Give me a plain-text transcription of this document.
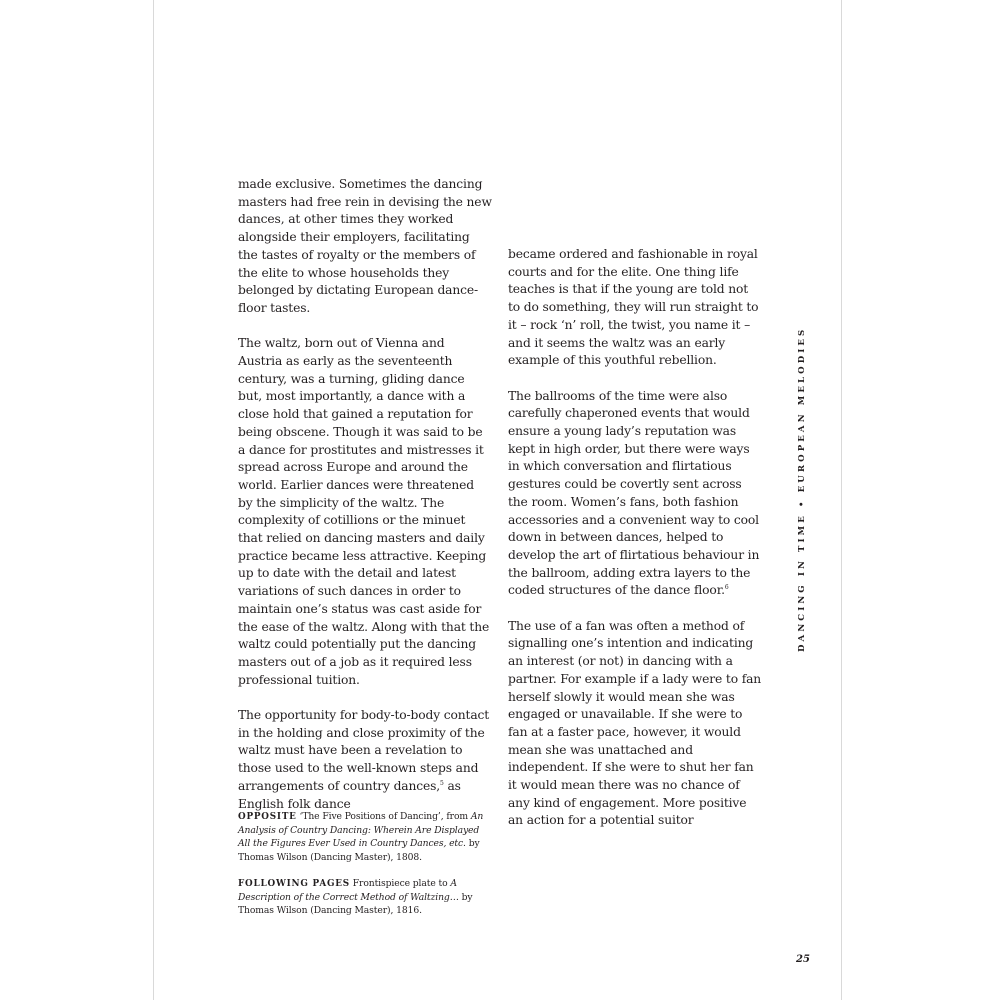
made exclusive. Sometimes the dancing masters had free rein in devising the new dances, at other times they worked alongside their employers, facilitating the tastes of royalty or the members of the elite to whose households they belonged by dictating European dance-floor tastes.

The waltz, born out of Vienna and Austria as early as the seventeenth century, was a turning, gliding dance but, most importantly, a dance with a close hold that gained a reputation for being obscene. Though it was said to be a dance for prostitutes and mistresses it spread across Europe and around the world. Earlier dances were threatened by the simplicity of the waltz. The complexity of cotillions or the minuet that relied on dancing masters and daily practice became less attractive. Keeping up to date with the detail and latest variations of such dances in order to maintain one’s status was cast aside for the ease of the waltz. Along with that the waltz could potentially put the dancing masters out of a job as it required less professional tuition.

The opportunity for body-to-body contact in the holding and close proximity of the waltz must have been a revelation to those used to the well-known steps and arrangements of country dances,$^5$ as English folk dance

became ordered and fashionable in royal courts and for the elite. One thing life teaches is that if the young are told not to do something, they will run straight to it – rock ‘n’ roll, the twist, you name it – and it seems the waltz was an early example of this youthful rebellion.

The ballrooms of the time were also carefully chaperoned events that would ensure a young lady’s reputation was kept in high order, but there were ways in which conversation and flirtatious gestures could be covertly sent across the room. Women’s fans, both fashion accessories and a convenient way to cool down in between dances, helped to develop the art of flirtatious behaviour in the ballroom, adding extra layers to the coded structures of the dance floor.$^6$

The use of a fan was often a method of signalling one’s intention and indicating an interest (or not) in dancing with a partner. For example if a lady were to fan herself slowly it would mean she was engaged or unavailable. If she were to fan at a faster pace, however, it would mean she was unattached and independent. If she were to shut her fan it would mean there was no chance of any kind of engagement. More positive an action for a potential suitor

OPPOSITE ‘The Five Positions of Dancing’, from An Analysis of Country Dancing: Wherein Are Displayed All the Figures Ever Used in Country Dances, etc. by Thomas Wilson (Dancing Master), 1808.

FOLLOWING PAGES Frontispiece plate to A Description of the Correct Method of Waltzing… by Thomas Wilson (Dancing Master), 1816.

DANCING IN TIME • EUROPEAN MELODIES
25
